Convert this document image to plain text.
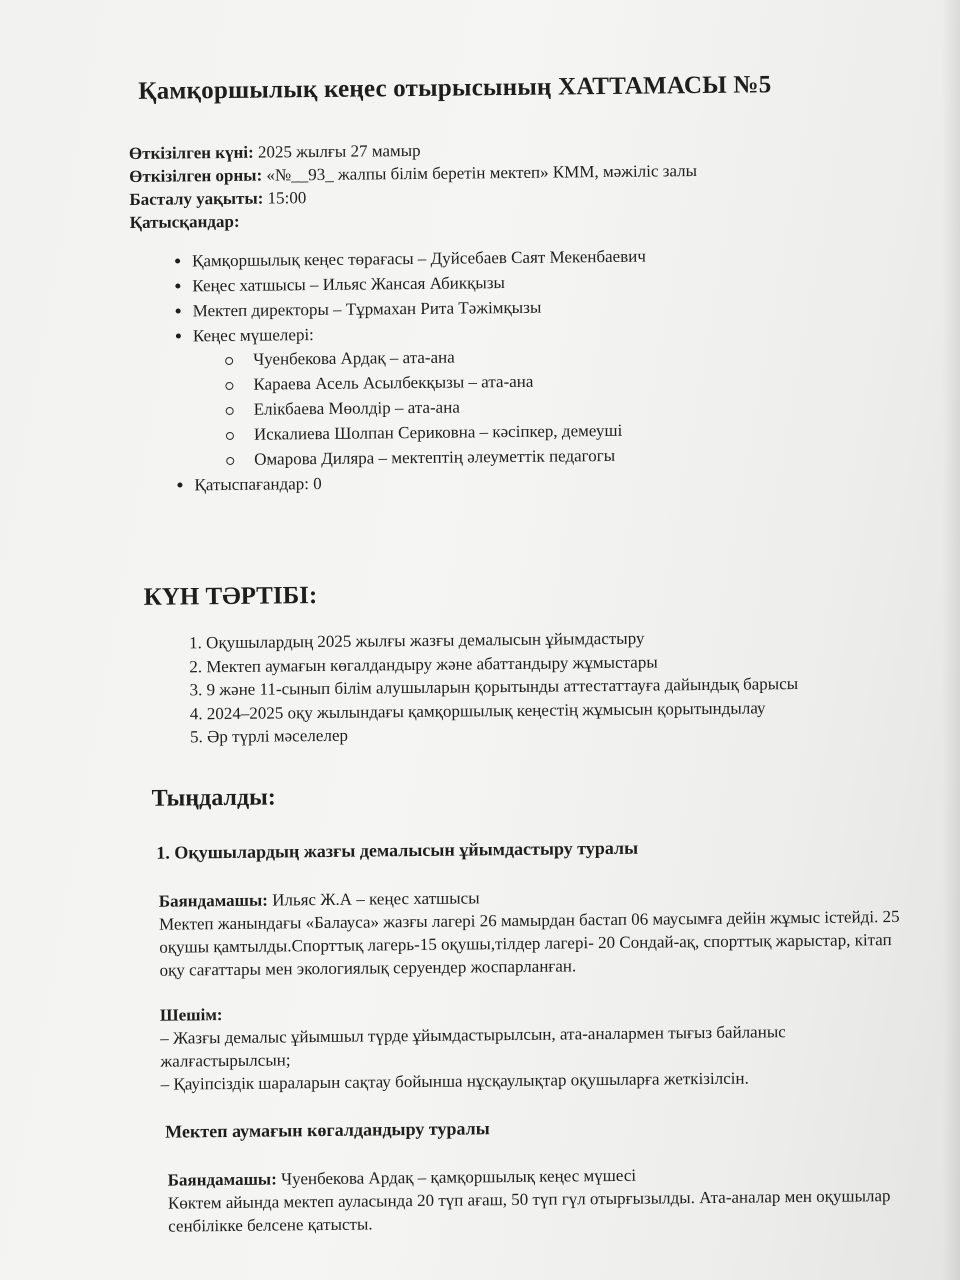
Қамқоршылық кеңес отырысының ХАТТАМАСЫ №5
Өткізілген күні: 2025 жылғы 27 мамыр
Өткізілген орны: «№__93_ жалпы білім беретін мектеп» КММ, мәжіліс залы
Басталу уақыты: 15:00
Қатысқандар:
• Қамқоршылық кеңес төрағасы – Дуйсебаев Саят Мекенбаевич
• Кеңес хатшысы – Ильяс Жансая Абикқызы
• Мектеп директоры – Тұрмахан Рита Тәжімқызы
• Кеңес мүшелері:
Чуенбекова Ардақ – ата-ана
Караева Асель Асылбекқызы – ата-ана
Елікбаева Мөолдір – ата-ана
Искалиева Шолпан Сериковна – кәсіпкер, демеуші
Омарова Диляра – мектептің әлеуметтік педагогы
• Қатыспағандар: 0
КҮН ТӘРТІБІ:
1. Оқушылардың 2025 жылғы жазғы демалысын ұйымдастыру
2. Мектеп аумағын көгалдандыру және абаттандыру жұмыстары
3. 9 және 11-сынып білім алушыларын қорытынды аттестаттауға дайындық барысы
4. 2024–2025 оқу жылындағы қамқоршылық кеңестің жұмысын қорытындылау
5. Әр түрлі мәселелер
Тыңдалды:
1. Оқушылардың жазғы демалысын ұйымдастыру туралы
Баяндамашы: Ильяс Ж.А – кеңес хатшысы
Мектеп жанындағы «Балауса» жазғы лагері 26 мамырдан бастап 06 маусымға дейін жұмыс істейді. 25 оқушы қамтылды.Спорттық лагерь-15 оқушы,тілдер лагері- 20 Сондай-ақ, спорттық жарыстар, кітап оқу сағаттары мен экологиялық серуендер жоспарланған.
Шешім:
– Жазғы демалыс ұйымшыл түрде ұйымдастырылсын, ата-аналармен тығыз байланыс жалғастырылсын;
– Қауіпсіздік шараларын сақтау бойынша нұсқаулықтар оқушыларға жеткізілсін.
Мектеп аумағын көгалдандыру туралы
Баяндамашы: Чуенбекова Ардақ – қамқоршылық кеңес мүшесі
Көктем айында мектеп ауласында 20 түп ағаш, 50 түп гүл отырғызылды. Ата-аналар мен оқушылар сенбілікке белсене қатысты.
